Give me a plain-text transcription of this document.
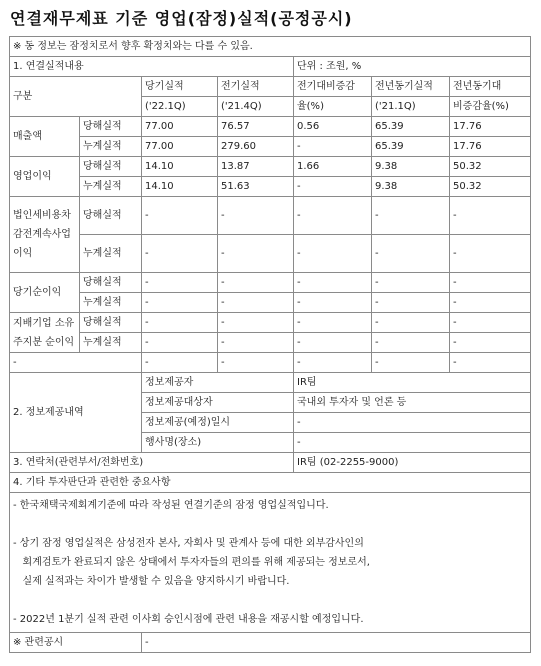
연결재무제표 기준 영업(잠정)실적(공정공시)
※ 동 정보는 잠정치로서 향후 확정치와는 다를 수 있음.						
1. 연결실적내용				단위 : 조원, %		
구분		당기실적	전기실적	전기대비증감	전년동기실적	전년동기대
		('22.1Q)	('21.4Q)	율(%)	('21.1Q)	비증감율(%)
매출액	당해실적	77.00	76.57	0.56	65.39	17.76
	누계실적	77.00	279.60	-	65.39	17.76
영업이익	당해실적	14.10	13.87	1.66	9.38	50.32
	누계실적	14.10	51.63	-	9.38	50.32
법인세비용차감전계속사업이익	당해실적	-	-	-	-	-
	누계실적	-	-	-	-	-
당기순이익	당해실적	-	-	-	-	-
	누계실적	-	-	-	-	-
지배기업 소유주지분 순이익	당해실적	-	-	-	-	-
	누계실적	-	-	-	-	-
-		-	-	-	-	-
2. 정보제공내역		정보제공자		IR팀		
		정보제공대상자		국내외 투자자 및 언론 등		
		정보제공(예정)일시		-		
		행사명(장소)		-		
3. 연락처(관련부서/전화번호)				IR팀 (02-2255-9000)		
4. 기타 투자판단과 관련한 중요사항						
- 한국채택국제회계기준에 따라 작성된 연결기준의 잠정 영업실적입니다.

- 상기 잠정 영업실적은 삼성전자 본사, 자회사 및 관계사 등에 대한 외부감사인의
회계검토가 완료되지 않은 상태에서 투자자들의 편의를 위해 제공되는 정보로서,
실제 실적과는 차이가 발생할 수 있음을 양지하시기 바랍니다.

- 2022년 1분기 실적 관련 이사회 승인시점에 관련 내용을 재공시할 예정입니다.						
※ 관련공시		-				
